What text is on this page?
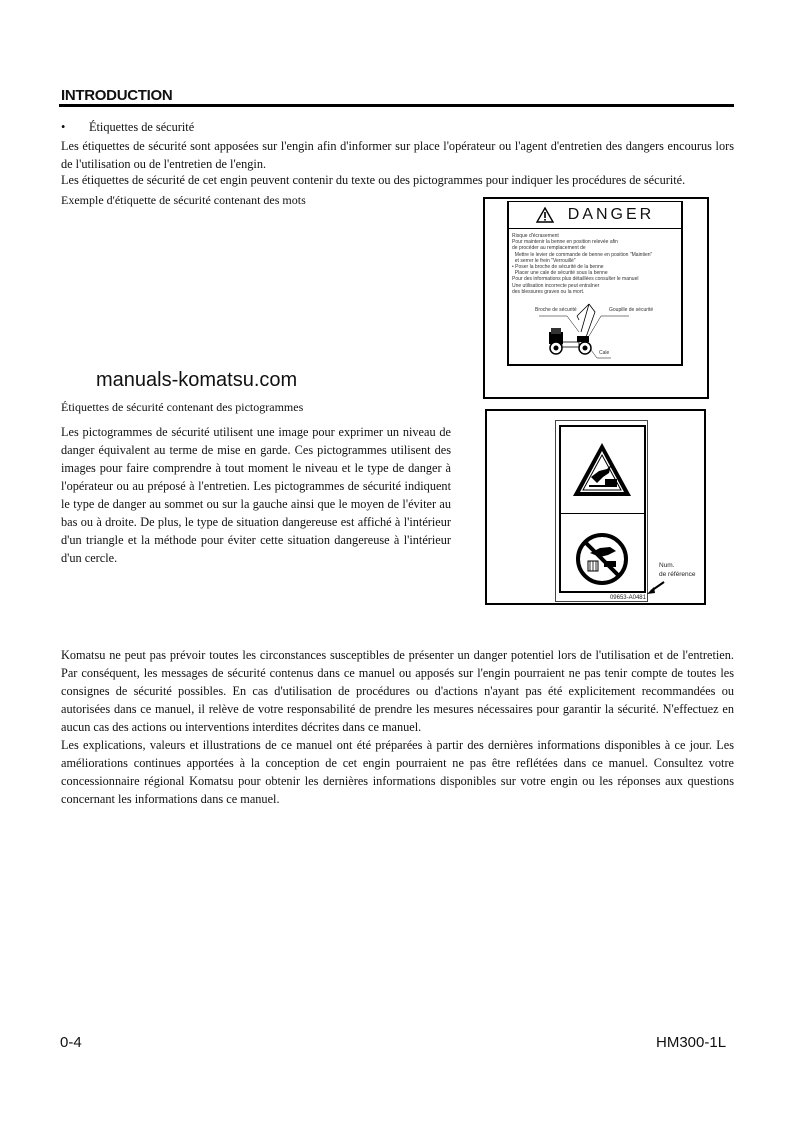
INTRODUCTION
• Étiquettes de sécurité
Les étiquettes de sécurité sont apposées sur l'engin afin d'informer sur place l'opérateur ou l'agent d'entretien des dangers encourus lors de l'utilisation ou de l'entretien de l'engin.
Les étiquettes de sécurité de cet engin peuvent contenir du texte ou des pictogrammes pour indiquer les procédures de sécurité.
Exemple d'étiquette de sécurité contenant des mots
DANGER
Risque d'écrasement
Pour maintenir la benne en position relevée afin
de procéder au remplacement de
Mettre le levier de commande de benne en position "Maintien"
et serrer le frein "Verrouillé"
• Poser la broche de sécurité de la benne
Placer une cale de sécurité sous la benne
Pour des informations plus détaillées consulter le manuel
Une utilisation incorrecte peut entraîner
des blessures graves ou la mort.
Broche de sécurité	Goupille de sécurité
Cale
manuals-komatsu.com
Étiquettes de sécurité contenant des pictogrammes
Les pictogrammes de sécurité utilisent une image pour exprimer un niveau de danger équivalent au terme de mise en garde. Ces pictogrammes utilisent des images pour faire comprendre à tout moment le niveau et le type de danger à l'opérateur ou au préposé à l'entretien. Les pictogrammes de sécurité indiquent le type de danger au sommet ou sur la gauche ainsi que le moyen de l'éviter au bas ou à droite. De plus, le type de situation dangereuse est affiché à l'intérieur d'un triangle et la méthode pour éviter cette situation dangereuse à l'intérieur d'un cercle.
09653-A0481
Num.
de référence
Komatsu ne peut pas prévoir toutes les circonstances susceptibles de présenter un danger potentiel lors de l'utilisation et de l'entretien. Par conséquent, les messages de sécurité contenus dans ce manuel ou apposés sur l'engin pourraient ne pas tenir compte de toutes les consignes de sécurité possibles. En cas d'utilisation de procédures ou d'actions n'ayant pas été explicitement recommandées ou autorisées dans ce manuel, il relève de votre responsabilité de prendre les mesures nécessaires pour garantir la sécurité. N'effectuez en aucun cas des actions ou interventions interdites décrites dans ce manuel.
Les explications, valeurs et illustrations de ce manuel ont été préparées à partir des dernières informations disponibles à ce jour. Les améliorations continues apportées à la conception de cet engin pourraient ne pas être reflétées dans ce manuel. Consultez votre concessionnaire régional Komatsu pour obtenir les dernières informations disponibles sur votre engin ou les réponses aux questions concernant les informations dans ce manuel.
0-4	HM300-1L
